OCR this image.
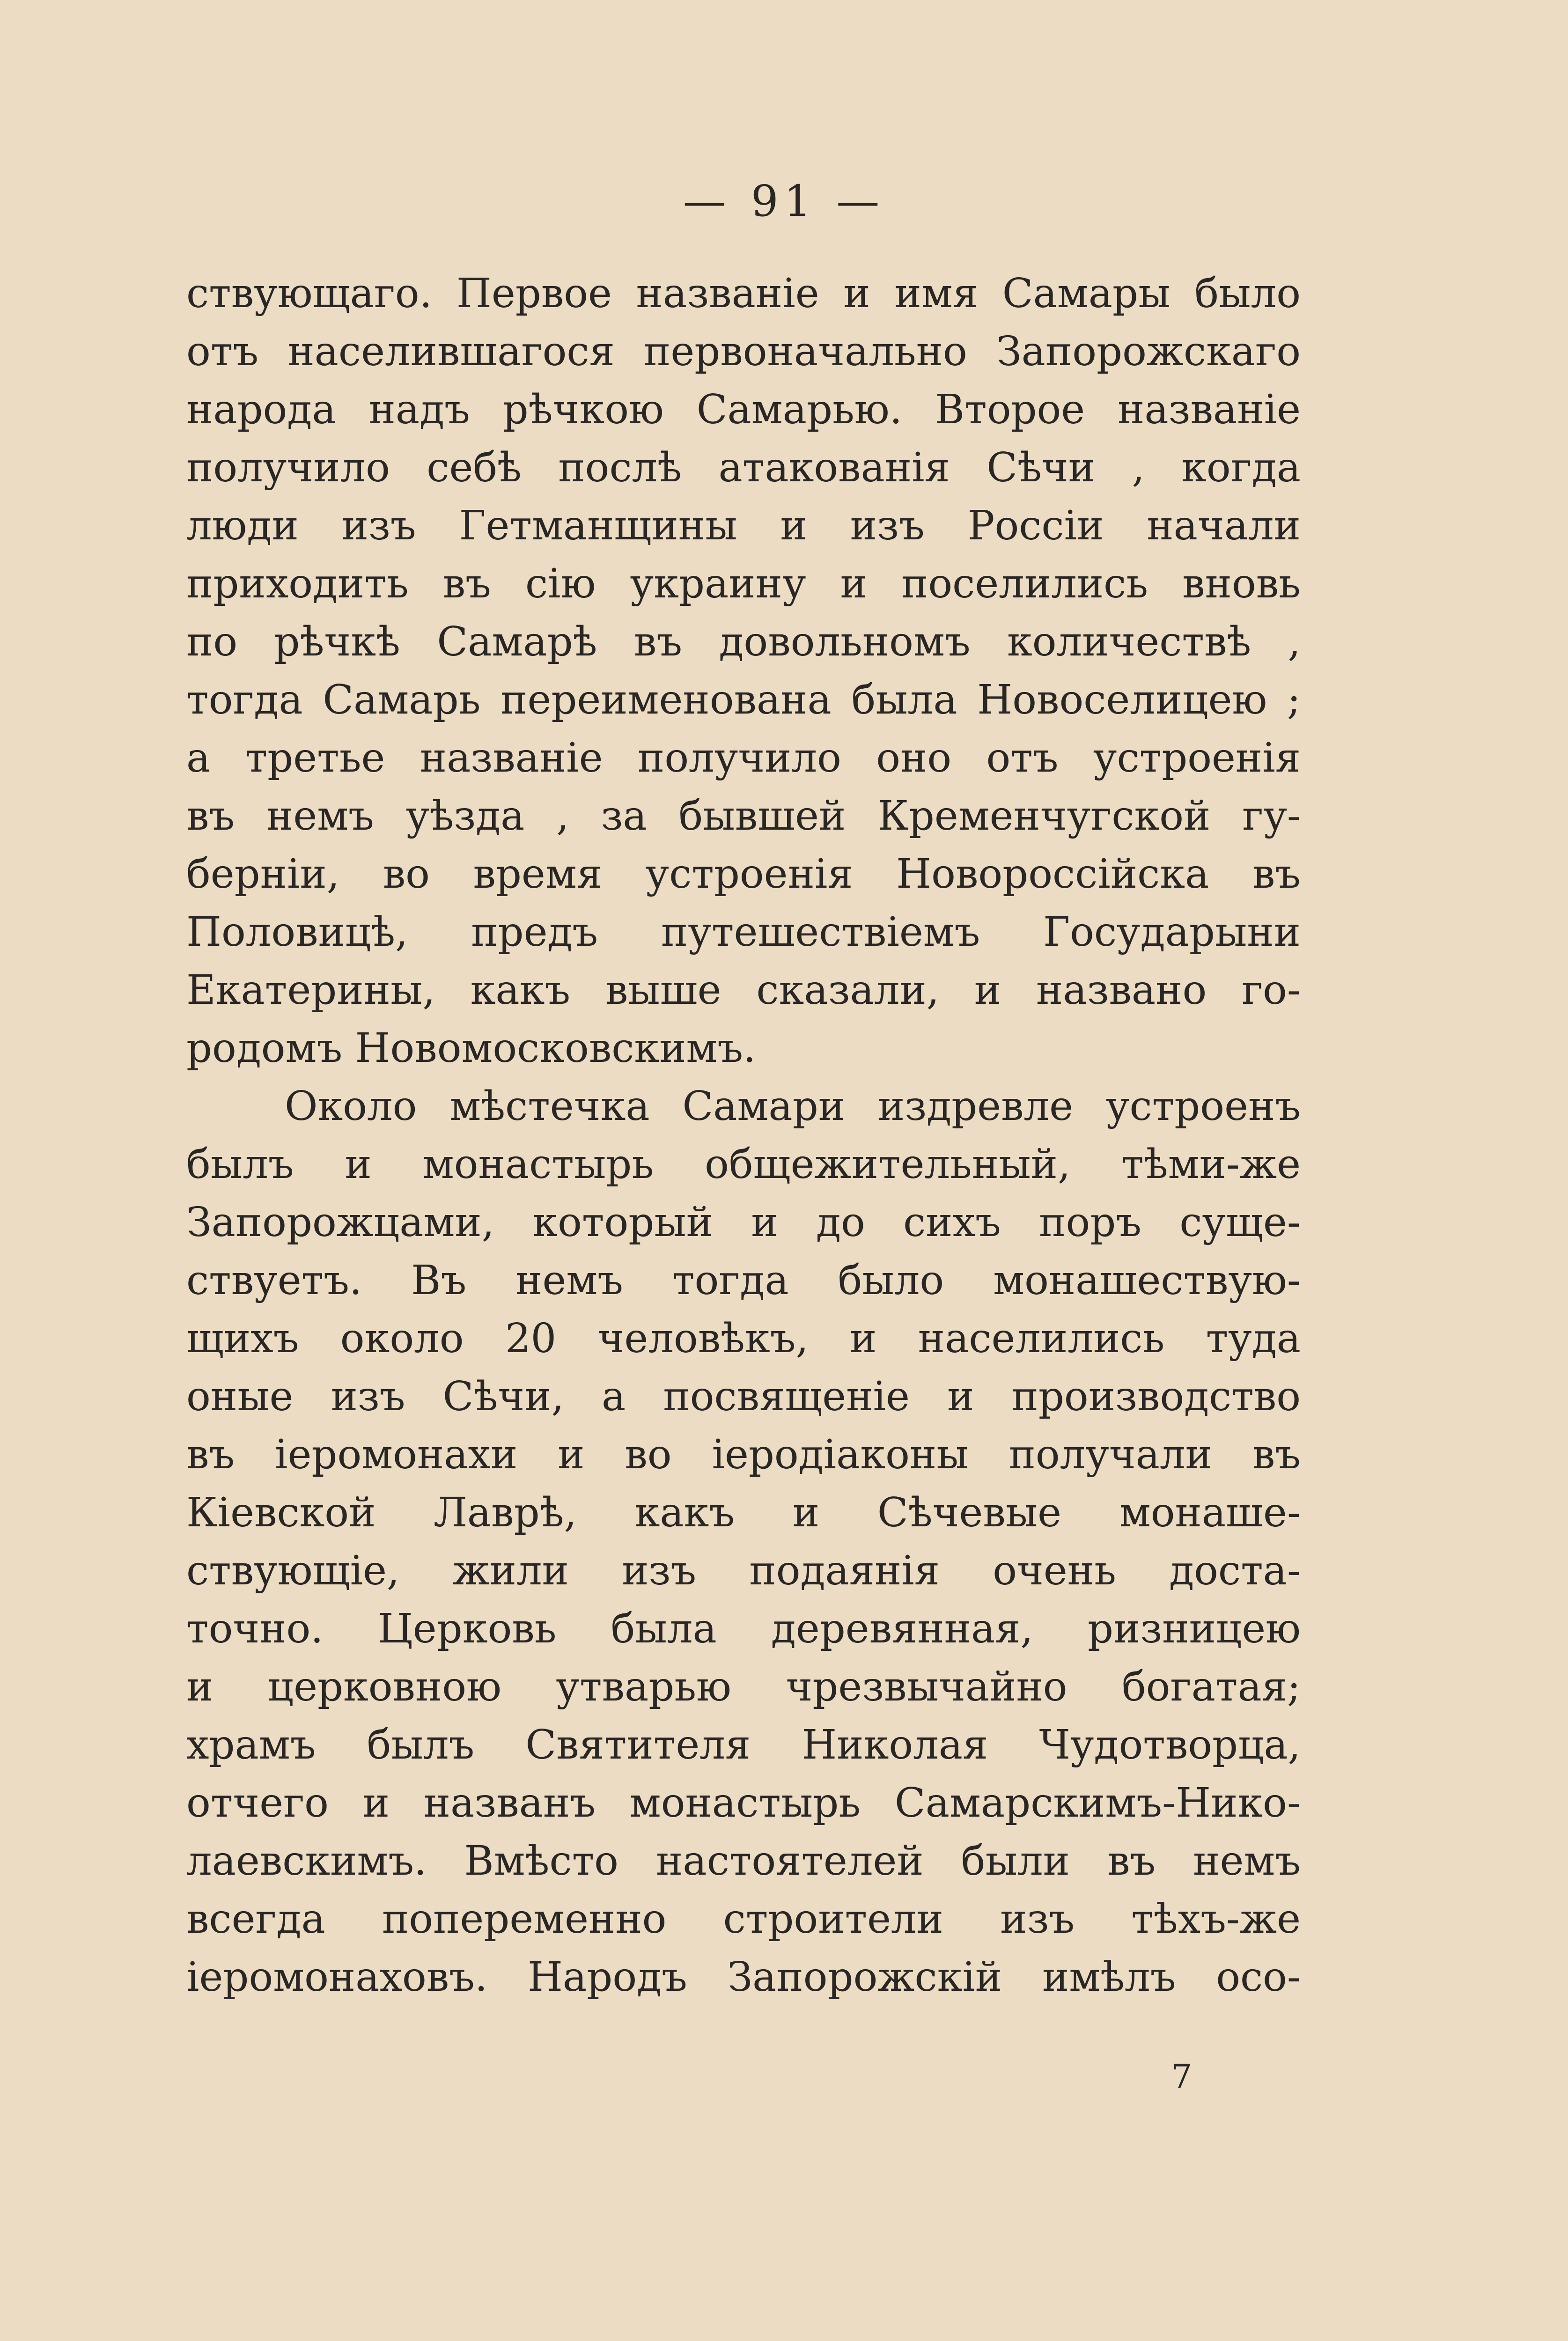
— 91 —
ствующаго. Первое названіе и имя Самары было
отъ населившагося первоначально Запорожскаго
народа надъ рѣчкою Самарью. Второе названіе
получило себѣ послѣ атакованія Сѣчи , когда
люди изъ Гетманщины и изъ Россіи начали
приходить въ сію украину и поселились вновь
по рѣчкѣ Самарѣ въ довольномъ количествѣ ,
тогда Самарь переименована была Новоселицею ;
а третье названіе получило оно отъ устроенія
въ немъ уѣзда , за бывшей Кременчугской гу-
берніи, во время устроенія Новороссійска въ
Половицѣ, предъ путешествіемъ Государыни
Екатерины, какъ выше сказали, и названо го-
родомъ Новомосковскимъ.
Около мѣстечка Самари издревле устроенъ
былъ и монастырь общежительный, тѣми-же
Запорожцами, который и до сихъ поръ суще-
ствуетъ. Въ немъ тогда было монашествую-
щихъ около 20 человѣкъ, и населились туда
оные изъ Сѣчи, а посвященіе и производство
въ іеромонахи и во іеродіаконы получали въ
Кіевской Лаврѣ, какъ и Сѣчевые монаше-
ствующіе, жили изъ подаянія очень доста-
точно. Церковь была деревянная, ризницею
и церковною утварью чрезвычайно богатая;
храмъ былъ Святителя Николая Чудотворца,
отчего и названъ монастырь Самарскимъ-Нико-
лаевскимъ. Вмѣсто настоятелей были въ немъ
всегда попеременно строители изъ тѣхъ-же
іеромонаховъ. Народъ Запорожскій имѣлъ осо-
7
